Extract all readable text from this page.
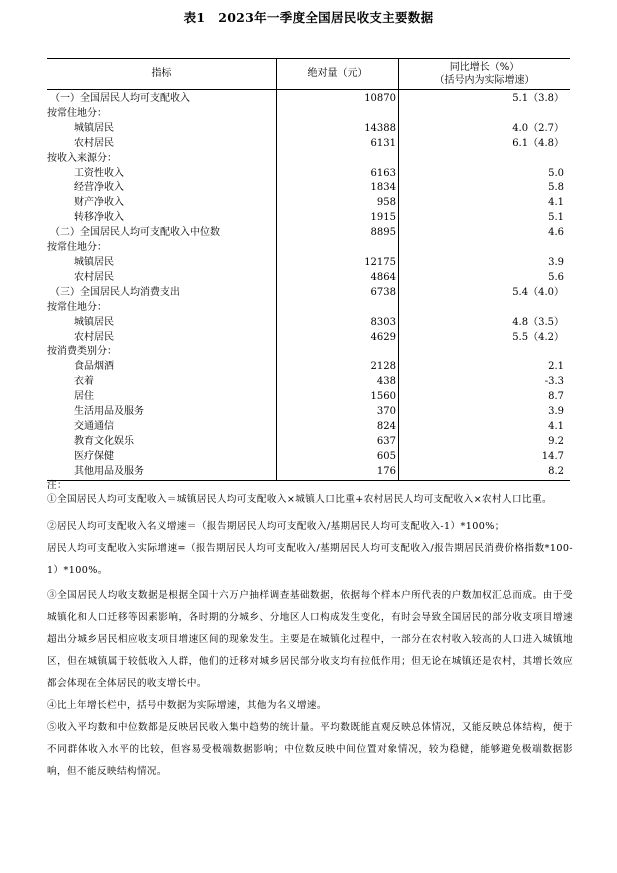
表1　2023年一季度全国居民收支主要数据
指标	绝对量（元）	同比增长（%）
（括号内为实际增速）
（一）全国居民人均可支配收入	10870	5.1（3.8）
按常住地分：		
城镇居民	14388	4.0（2.7）
农村居民	6131	6.1（4.8）
按收入来源分：		
工资性收入	6163	5.0
经营净收入	1834	5.8
财产净收入	958	4.1
转移净收入	1915	5.1
（二）全国居民人均可支配收入中位数	8895	4.6
按常住地分：		
城镇居民	12175	3.9
农村居民	4864	5.6
（三）全国居民人均消费支出	6738	5.4（4.0）
按常住地分：		
城镇居民	8303	4.8（3.5）
农村居民	4629	5.5（4.2）
按消费类别分：		
食品烟酒	2128	2.1
衣着	438	-3.3
居住	1560	8.7
生活用品及服务	370	3.9
交通通信	824	4.1
教育文化娱乐	637	9.2
医疗保健	605	14.7
其他用品及服务	176	8.2

注：

①全国居民人均可支配收入＝城镇居民人均可支配收入×城镇人口比重+农村居民人均可支配收入×农村人口比重。

②居民人均可支配收入名义增速＝（报告期居民人均可支配收入/基期居民人均可支配收入-1）*100%；

居民人均可支配收入实际增速=（报告期居民人均可支配收入/基期居民人均可支配收入/报告期居民消费价格指数*100-1）*100%。

③全国居民人均收支数据是根据全国十六万户抽样调查基础数据，依据每个样本户所代表的户数加权汇总而成。由于受城镇化和人口迁移等因素影响，各时期的分城乡、分地区人口构成发生变化，有时会导致全国居民的部分收支项目增速超出分城乡居民相应收支项目增速区间的现象发生。主要是在城镇化过程中，一部分在农村收入较高的人口进入城镇地区，但在城镇属于较低收入人群，他们的迁移对城乡居民部分收支均有拉低作用；但无论在城镇还是农村，其增长效应都会体现在全体居民的收支增长中。

④比上年增长栏中，括号中数据为实际增速，其他为名义增速。

⑤收入平均数和中位数都是反映居民收入集中趋势的统计量。平均数既能直观反映总体情况，又能反映总体结构，便于不同群体收入水平的比较，但容易受极端数据影响；中位数反映中间位置对象情况，较为稳健，能够避免极端数据影响，但不能反映结构情况。
